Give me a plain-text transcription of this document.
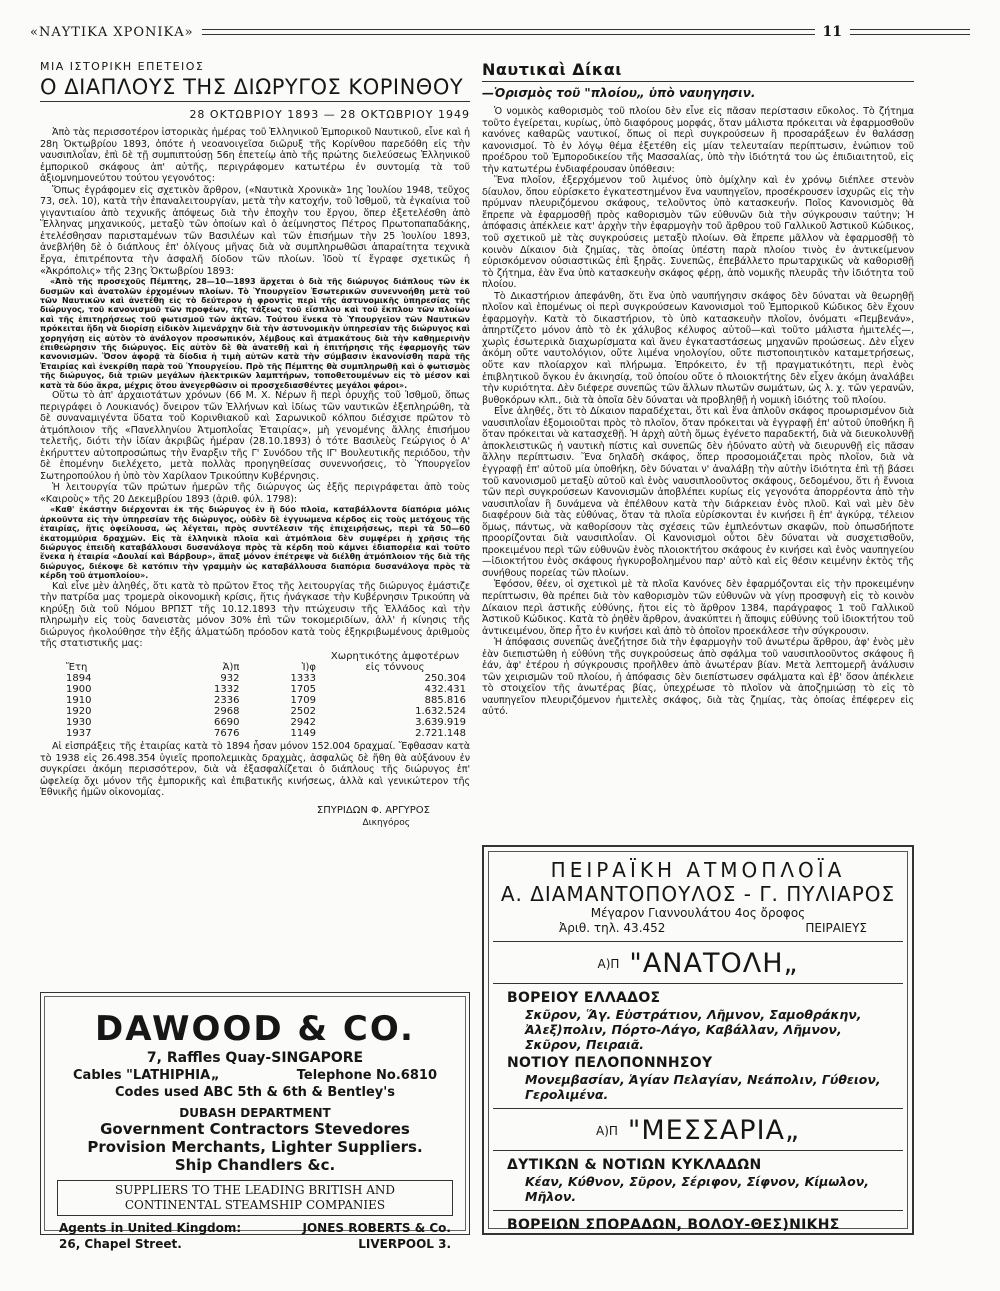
«ΝΑΥΤΙΚΑ ΧΡΟΝΙΚΑ»	11
ΜΙΑ ΙΣΤΟΡΙΚΗ ΕΠΕΤΕΙΟΣ
Ο ΔΙΑΠΛΟΥΣ ΤΗΣ ΔΙΩΡΥΓΟΣ ΚΟΡΙΝΘΟΥ
28 ΟΚΤΩΒΡΙΟΥ 1893 — 28 ΟΚΤΩΒΡΙΟΥ 1949

Ἀπὸ τὰς περισσοτέρον ἱστορικὰς ἡμέρας τοῦ Ἑλληνικοῦ Ἐμπορικοῦ Ναυτικοῦ, εἶνε καὶ ἡ 28η Ὀκτωβρίου 1893, ὁπότε ἡ νεοανοιγεῖσα διῶρυξ τῆς Κορίνθου παρεδόθη εἰς τὴν ναυσιπλοΐαν, ἐπὶ δὲ τῇ συμπιπτούσῃ 56η ἐπετείῳ ἀπὸ τῆς πρώτης διελεύσεως Ἑλληνικοῦ ἐμπορικοῦ σκάφους ἀπ' αὐτῆς, περιγράφομεν κατωτέρω ἐν συντομίᾳ τὰ τοῦ ἀξιομνημονεύτου τούτου γεγονότος:

Ὅπως ἐγράφομεν εἰς σχετικὸν ἄρθρον, («Ναυτικὰ Χρονικὰ» 1ης Ἰουλίου 1948, τεῦχος 73, σελ. 10), κατὰ τὴν ἐπαναλειτουργίαν, μετὰ τὴν κατοχήν, τοῦ Ἰσθμοῦ, τὰ ἐγκαίνια τοῦ γιγαντιαίου ἀπὸ τεχνικῆς ἀπόψεως διὰ τὴν ἐποχὴν του ἔργου, ὅπερ ἐξετελέσθη ἀπὸ Ἕλληνας μηχανικούς, μεταξὺ τῶν ὁποίων καὶ ὁ ἀείμνηστος Πέτρος Πρωτοπαπαδάκης, ἐτελέσθησαν παρισταμένων τῶν Βασιλέων καὶ τῶν ἐπισήμων τὴν 25 Ἰουλίου 1893, ἀνεβλήθη δὲ ὁ διάπλους ἐπ' ὀλίγους μῆνας διὰ νὰ συμπληρωθῶσι ἀπαραίτητα τεχνικὰ ἔργα, ἐπιτρέποντα τὴν ἀσφαλῆ δίοδον τῶν πλοίων. Ἰδοὺ τί ἔγραφε σχετικῶς ἡ «Ἀκρόπολις» τῆς 23ης Ὀκτωβρίου 1893:

«Ἀπὸ τῆς προσεχοῦς Πέμπτης, 28—10—1893 ἄρχεται ὁ διὰ τῆς διώρυγος διάπλους τῶν ἐκ δυσμῶν καὶ ἀνατολῶν ἐρχομένων πλοίων. Τὸ Ὑπουργεῖον Ἐσωτερικῶν συνεννοήθη μετὰ τοῦ τῶν Ναυτικῶν καὶ ἀνετέθη εἰς τὸ δεύτερον ἡ φροντὶς περὶ τῆς ἀστυνομικῆς ὑπηρεσίας τῆς διώρυγος, τοῦ κανονισμοῦ τῶν προφέων, τῆς τάξεως τοῦ εἴσπλου καὶ τοῦ ἔκπλου τῶν πλοίων καὶ τῆς ἐπιτηρήσεως τοῦ φωτισμοῦ τῶν ἀκτῶν. Τούτου ἕνεκα τὸ Ὑπουργεῖον τῶν Ναυτικῶν πρόκειται ἤδη νὰ διορίσῃ εἰδικὸν λιμενάρχην διὰ τὴν ἀστυνομικὴν ὑπηρεσίαν τῆς διώρυγος καὶ χορηγήσῃ εἰς αὐτὸν τὸ ἀνάλογον προσωπικόν, λέμβους καὶ ἀτμακάτους διὰ τὴν καθημερινὴν ἐπιθεώρησιν τῆς διώρυγος. Εἰς αὐτὸν δὲ θὰ ἀνατεθῇ καὶ ἡ ἐπιτήρησις τῆς ἐφαρμογῆς τῶν κανονισμῶν. Ὅσον ἀφορᾷ τὰ δίοδια ἡ τιμὴ αὐτῶν κατὰ τὴν σύμβασιν ἐκανονίσθη παρὰ τῆς Ἑταιρίας καὶ ἐνεκρίθη παρὰ τοῦ Ὑπουργείου. Πρὸ τῆς Πέμπτης θὰ συμπληρωθῇ καὶ ὁ φωτισμὸς τῆς διώρυγος, διὰ τριῶν μεγάλων ἠλεκτρικῶν λαμπτήρων, τοποθετουμένων εἰς τὸ μέσον καὶ κατὰ τὰ δύο ἄκρα, μέχρις ὅτου ἀνεγερθῶσιν οἱ προσχεδιασθέντες μεγάλοι φάροι».

Οὕτω τὸ ἀπ' ἀρχαιοτάτων χρόνων (66 Μ. Χ. Νέρων ἢ περὶ ὀρυχῆς τοῦ Ἰσθμοῦ, ὅπως περιγράφει ὁ Λουκιανός) ὄνειρον τῶν Ἑλλήνων καὶ ἰδίως τῶν ναυτικῶν ἐξεπληρώθη, τὰ δὲ συναναμιγέντα ὕδατα τοῦ Κορινθιακοῦ καὶ Σαρωνικοῦ κόλπου διέσχισε πρῶτον τὸ ἀτμόπλοιον τῆς «Πανελληνίου Ἀτμοπλοΐας Ἑταιρίας», μὴ γενομένης ἄλλης ἐπισήμου τελετῆς, διότι τὴν ἰδίαν ἀκριβῶς ἡμέραν (28.10.1893) ὁ τότε Βασιλεὺς Γεώργιος ὁ Α' ἐκήρυττεν αὐτοπροσώπως τὴν ἔναρξιν τῆς Γ' Συνόδου τῆς ΙΓ' Βουλευτικῆς περιόδου, τὴν δὲ ἑπομένην διελέχετο, μετὰ πολλὰς προηγηθείσας συνεννοήσεις, τὸ Ὑπουργεῖον Σωτηροπούλου ἡ ὑπὸ τὸν Χαρίλαον Τρικούπην Κυβέρνησις.

Ἡ λειτουργία τῶν πρώτων ἡμερῶν τῆς διώρυγος ὡς ἑξῆς περιγράφεται ἀπὸ τοὺς «Καιροὺς» τῆς 20 Δεκεμβρίου 1893 (ἀριθ. φύλ. 1798):

«Καθ' ἑκάστην διέρχονται ἐκ τῆς διώρυγος ἐν ἢ δύο πλοῖα, καταβάλλοντα δίαπόρια μόλις ἀρκοῦντα εἰς τὴν ὑπηρεσίαν τῆς διώρυγος, οὐδὲν δὲ ἐγγυωμενα κέρδος εἰς τοὺς μετόχους τῆς ἑταιρίας, ἥτις ὀφείλουσα, ὡς λέγεται, πρὸς συντέλεσιν τῆς ἐπιχειρήσεως, περὶ τὰ 50—60 ἑκατομμύρια δραχμῶν. Εἰς τὰ ἑλληνικὰ πλοῖα καὶ ἀτμόπλοια δὲν συμφέρει ἡ χρῆσις τῆς διώρυγος ἐπειδὴ καταβάλλουσι δυσανάλογα πρὸς τὰ κέρδη ποὺ κάμνει ἐδιαπορέια καὶ τοῦτο ἕνεκα ἡ ἐταιρία «Δουλαί καὶ Βάρβουρ», ἅπαξ μόνον ἐπέτρεψε νὰ διέλθῃ ἀτμόπλοιον τῆς διὰ τῆς διώρυγος, διέκοψε δὲ κατόπιν τὴν γραμμὴν ὡς καταβάλλουσα διαπόρια δυσανάλογα πρὸς τὰ κέρδη τοῦ ἀτμοπλοίου».

Καὶ εἶνε μὲν ἀληθές, ὅτι κατὰ τὸ πρῶτον ἔτος τῆς λειτουργίας τῆς διώρυγος ἐμάστιζε τὴν πατρίδα μας τρομερὰ οἰκονομικὴ κρίσις, ἥτις ἠνάγκασε τὴν Κυβέρνησιν Τρικούπη νὰ κηρύξῃ διὰ τοῦ Νόμου ΒΡΠΣΤ τῆς 10.12.1893 τὴν πτώχευσιν τῆς Ἑλλάδος καὶ τὴν πληρωμὴν εἰς τοὺς δανειστὰς μόνον 30% ἐπὶ τῶν τοκομεριδίων, ἀλλ' ἡ κίνησις τῆς διώρυγος ἠκολούθησε τὴν ἐξῆς ἀλματώδη πρόοδον κατὰ τοὺς ἐξηκριβωμένους ἀριθμοὺς τῆς στατιστικῆς μας:

Ἔτη	Ἀ)π	Ἰ)φ	Χωρητικότης ἀμφοτέρων εἰς τόννους
1894	932	1333	250.304
1900	1332	1705	432.431
1910	2336	1709	885.816
1920	2968	2502	1.632.524
1930	6690	2942	3.639.919
1937	7676	1149	2.721.148

Αἱ εἰσπράξεις τῆς ἑταιρίας κατὰ τὸ 1894 ἦσαν μόνον 152.004 δραχμαί. Ἔφθασαν κατὰ τὸ 1938 εἰς 26.498.354 ὑγιεῖς προπολεμικὰς δραχμὰς, ἀσφαλῶς δὲ ἤθη θὰ αὐξάνουν ἐν συγκρίσει ἀκόμη περισσότερον, διὰ νὰ ἐξασφαλίζεται ὁ διάπλους τῆς διώρυγος ἐπ' ὠφελείᾳ ὄχι μόνον τῆς ἐμπορικῆς καὶ ἐπιβατικῆς κινήσεως, ἀλλὰ καὶ γενικώτερον τῆς Ἐθνικῆς ἡμῶν οἰκονομίας.

ΣΠΥΡΙΔΩΝ Φ. ΑΡΓΥΡΟΣ
Δικηγόρος
DAWOOD & CO.
7, Raffles Quay-SINGAPORE
Cables "LATHIPHIA„	Telephone No.6810
Codes used ABC 5th & 6th & Bentley's
DUBASH DEPARTMENT
Government Contractors Stevedores
Provision Merchants, Lighter Suppliers.
Ship Chandlers &c.
SUPPLIERS TO THE LEADING BRITISH AND
CONTINENTAL STEAMSHIP COMPANIES
Agents in United Kingdom:	JONES ROBERTS & Co.
26, Chapel Street.	LIVERPOOL 3.
Ναυτικαὶ Δίκαι
—Ὁρισμὸς τοῦ "πλοίου„ ὑπὸ ναυηγησιν.

Ὁ νομικὸς καθορισμὸς τοῦ πλοίου δὲν εἶνε εἰς πᾶσαν περίστασιν εὔκολος. Τὸ ζήτημα τοῦτο ἐγείρεται, κυρίως, ὑπὸ διαφόρους μορφάς, ὅταν μάλιστα πρόκειται νὰ ἐφαρμοσθοῦν κανόνες καθαρῶς ναυτικοί, ὅπως οἱ περὶ συγκρούσεων ἢ προσαράξεων ἐν θαλάσσῃ κανονισμοί. Τὸ ἐν λόγῳ θέμα ἐξετέθη εἰς μίαν τελευταίαν περίπτωσιν, ἐνώπιον τοῦ προέδρου τοῦ Ἐμποροδικείου τῆς Μασσαλίας, ὑπὸ τὴν ἰδιότητά του ὡς ἐπιδιαιτητοῦ, εἰς τὴν κατωτέρω ἐνδιαφέρουσαν ὑπόθεσιν:

Ἕνα πλοῖον, ἐξερχόμενον τοῦ λιμένος ὑπὸ ὁμίχλην καὶ ἐν χρόνῳ διέπλεε στενὸν δίαυλον, ὅπου εὑρίσκετο ἐγκατεστημένον ἕνα ναυπηγεῖον, προσέκρουσεν ἰσχυρῶς εἰς τὴν πρύμναν πλευριζόμενου σκάφους, τελοῦντος ὑπὸ κατασκευήν. Ποῖος Κανονισμὸς θὰ ἔπρεπε νὰ ἐφαρμοσθῇ πρὸς καθορισμὸν τῶν εὐθυνῶν διὰ τὴν σύγκρουσιν ταύτην; Ἡ ἀπόφασις ἀπέκλειε κατ' ἀρχὴν τὴν ἐφαρμογὴν τοῦ ἄρθρου τοῦ Γαλλικοῦ Ἀστικοῦ Κώδικος, τοῦ σχετικοῦ μὲ τὰς συγκρούσεις μεταξὺ πλοίων. Θὰ ἔπρεπε μᾶλλον νὰ ἐφαρμοσθῇ τὸ κοινὸν Δίκαιον διὰ ζημίας, τὰς ὁποίας ὑπέστη παρὰ πλοίου τινὸς ἐν ἀντικείμενον εὑρισκόμενον οὐσιαστικῶς ἐπὶ ξηρᾶς. Συνεπῶς, ἐπεβάλλετο πρωταρχικῶς νὰ καθορισθῇ τὸ ζήτημα, ἐὰν ἕνα ὑπὸ κατασκευὴν σκάφος φέρῃ, ἀπὸ νομικῆς πλευρᾶς τὴν ἰδιότητα τοῦ πλοίου.

Τὸ Δικαστήριον ἀπεφάνθη, ὅτι ἕνα ὑπὸ ναυπήγησιν σκάφος δὲν δύναται νὰ θεωρηθῇ πλοῖον καὶ ἑπομένως οἱ περὶ συγκρούσεων Κανονισμοὶ τοῦ Ἐμπορικοῦ Κώδικος δὲν ἔχουν ἐφαρμογὴν. Κατὰ τὸ δικαστήριον, τὸ ὑπὸ κατασκευὴν πλοῖον, ὀνόματι «Πεμβενάν», ἀπηρτίζετο μόνον ἀπὸ τὸ ἐκ χάλυβος κέλυφος αὐτοῦ—καὶ τοῦτο μάλιστα ἡμιτελές—, χωρὶς ἐσωτερικὰ διαχωρίσματα καὶ ἄνευ ἐγκαταστάσεως μηχανῶν προώσεως. Δὲν εἶχεν ἀκόμη οὔτε ναυτολόγιον, οὔτε λιμένα νηολογίου, οὔτε πιστοποιητικὸν καταμετρήσεως, οὔτε καν πλοίαρχον καὶ πλήρωμα. Ἐπρόκειτο, ἐν τῇ πραγματικότητι, περὶ ἑνὸς ἐπιβλητικοῦ ὄγκου ἐν ἀκινησίᾳ, τοῦ ὁποίου οὔτε ὁ πλοιοκτήτης δὲν εἶχεν ἀκόμη ἀναλάβει τὴν κυριότητα. Δὲν διέφερε συνεπῶς τῶν ἄλλων πλωτῶν σωμάτων, ὡς λ. χ. τῶν γερανῶν, βυθοκόρων κλπ., διὰ τὰ ὁποῖα δὲν δύναται νὰ προβληθῇ ἡ νομικὴ ἰδιότης τοῦ πλοίου.

Εἶνε ἀληθές, ὅτι τὸ Δίκαιον παραδέχεται, ὅτι καὶ ἕνα ἁπλοῦν σκάφος προωρισμένον διὰ ναυσιπλοΐαν ἐξομοιοῦται πρὸς τὸ πλοῖον, ὅταν πρόκειται νὰ ἐγγραφῇ ἐπ' αὐτοῦ ὑποθήκη ἢ ὅταν πρόκειται νὰ κατασχεθῇ. Ἡ ἀρχὴ αὐτὴ ὅμως ἐγένετο παραδεκτή, διὰ νὰ διευκολυνθῇ ἀποκλειστικῶς ἡ ναυτικὴ πίστις καὶ συνεπῶς δὲν ἠδύνατο αὐτὴ νὰ διευρυνθῇ εἰς πᾶσαν ἄλλην περίπτωσιν. Ἕνα δηλαδὴ σκάφος, ὅπερ προσομοιάζεται πρὸς πλοῖον, διὰ νὰ ἐγγραφῇ ἐπ' αὐτοῦ μία ὑποθήκη, δὲν δύναται ν' ἀναλάβῃ τὴν αὐτὴν ἰδιότητα ἐπὶ τῇ βάσει τοῦ κανονισμοῦ μεταξὺ αὐτοῦ καὶ ἑνὸς ναυσιπλοοῦντος σκάφους, δεδομένου, ὅτι ἡ ἔννοια τῶν περὶ συγκρούσεων Κανονισμῶν ἀποβλέπει κυρίως εἰς γεγονότα ἀπορρέοντα ἀπὸ τὴν ναυσιπλοΐαν ἢ δυνάμενα νὰ ἐπέλθουν κατὰ τὴν διάρκειαν ἑνὸς πλοῦ. Καὶ ναὶ μὲν δὲν διαφέρουν διὰ τὰς εὐθύνας, ὅταν τὰ πλοῖα εὑρίσκονται ἐν κινήσει ἢ ἐπ' ἀγκύρᾳ, τέλειον ὅμως, πάντως, νὰ καθορίσουν τὰς σχέσεις τῶν ἐμπλεόντων σκαφῶν, ποὺ ὁπωσδήποτε προορίζονται διὰ ναυσιπλοΐαν. Οἱ Κανονισμοὶ οὗτοι δὲν δύναται νὰ συσχετισθοῦν, προκειμένου περὶ τῶν εὐθυνῶν ἑνὸς πλοιοκτήτου σκάφους ἐν κινήσει καὶ ἑνὸς ναυπηγείου—ἰδιοκτήτου ἑνὸς σκάφους ἠγκυροβολημένου παρ' αὐτὸ καὶ εἰς θέσιν κειμένην ἐκτὸς τῆς συνήθους πορείας τῶν πλοίων.

Ἐφόσον, θέεν, οἱ σχετικοὶ μὲ τὰ πλοῖα Κανόνες δὲν ἐφαρμόζονται εἰς τὴν προκειμένην περίπτωσιν, θὰ πρέπει διὰ τὸν καθορισμὸν τῶν εὐθυνῶν νὰ γίνῃ προσφυγὴ εἰς τὸ κοινὸν Δίκαιον περὶ ἀστικῆς εὐθύνης, ἤτοι εἰς τὸ ἄρθρον 1384, παράγραφος 1 τοῦ Γαλλικοῦ Ἀστικοῦ Κώδικος. Κατὰ τὸ ῥηθὲν ἄρθρον, ἀνακύπτει ἡ ἄποψις εὐθύνης τοῦ ἰδιοκτήτου τοῦ ἀντικειμένου, ὅπερ ἦτο ἐν κινήσει καὶ ἀπὸ τὸ ὁποῖον προεκάλεσε τὴν σύγκρουσιν.

Ἡ ἀπόφασις συνεπῶς ἀνεζήτησε διὰ τὴν ἐφαρμογὴν τοῦ ἀνωτέρω ἄρθρου, ἀφ' ἑνὸς μὲν ἐὰν διεπιστώθη ἡ εὐθύνη τῆς συγκρούσεως ἀπὸ σφάλμα τοῦ ναυσιπλοοῦντος σκάφους ἢ ἐάν, ἀφ' ἑτέρου ἡ σύγκρουσις προῆλθεν ἀπὸ ἀνωτέραν βίαν. Μετὰ λεπτομερῆ ἀνάλυσιν τῶν χειρισμῶν τοῦ πλοίου, ἡ ἀπόφασις δὲν διεπίστωσεν σφάλματα καὶ ἐβ' ὅσον ἀπέκλειε τὸ στοιχεῖον τῆς ἀνωτέρας βίας, ὑπεχρέωσε τὸ πλοῖον νὰ ἀποζημιώσῃ τὸ εἰς τὸ ναυπηγεῖον πλευριζόμενον ἡμιτελὲς σκάφος, διὰ τὰς ζημίας, τὰς ὁποίας ἐπέφερεν εἰς αὐτό.

ΠΕΙΡΑΪΚΗ ΑΤΜΟΠΛΟΪΑ
Α. ΔΙΑΜΑΝΤΟΠΟΥΛΟΣ - Γ. ΠΥΛΙΑΡΟΣ
Μέγαρον Γιαννουλάτου 4ος ὄροφος
Ἀριθ. τηλ. 43.452	ΠΕΙΡΑΙΕΥΣ
Α)Π "ΑΝΑΤΟΛΗ„
ΒΟΡΕΙΟΥ ΕΛΛΑΔΟΣ
Σκῦρον, Ἅγ. Εὐστράτιον, Λῆμνον, Σαμοθράκην, Ἀλεξ)πολιν, Πόρτο-Λάγο, Καβάλλαν, Λῆμνον, Σκῦρον, Πειραιᾶ.
ΝΟΤΙΟΥ ΠΕΛΟΠΟΝΝΗΣΟΥ
Μονεμβασίαν, Ἁγίαν Πελαγίαν, Νεάπολιν, Γύθειον, Γερολιμένα.
Α)Π "ΜΕΣΣΑΡΙΑ„
ΔΥΤΙΚΩΝ & ΝΟΤΙΩΝ ΚΥΚΛΑΔΩΝ
Κέαν, Κύθνον, Σῦρον, Σέριφον, Σίφνον, Κίμωλον, Μῆλον.
ΒΟΡΕΙΩΝ ΣΠΟΡΑΔΩΝ, ΒΟΛΟΥ-ΘΕΣ)ΝΙΚΗΣ
